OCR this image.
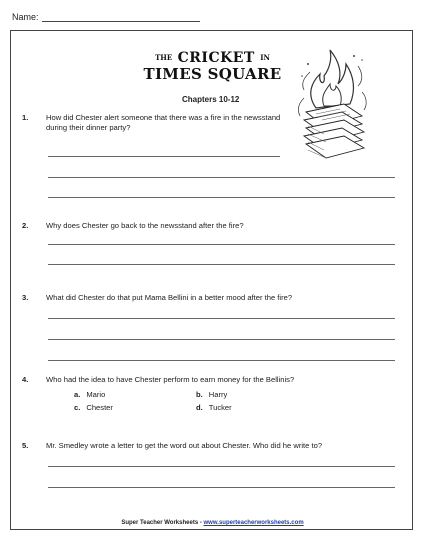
Name:
THE CRICKET IN
TIMES SQUARE
Chapters 10-12
1. How did Chester alert someone that there was a fire in the newsstand during their dinner party?
2. Why does Chester go back to the newsstand after the fire?
3. What did Chester do that put Mama Bellini in a better mood after the fire?
4. Who had the idea to have Chester perform to earn money for the Bellinis?
a. Mario	b. Harry
c. Chester	d. Tucker
5. Mr. Smedley wrote a letter to get the word out about Chester. Who did he write to?
Super Teacher Worksheets - www.superteacherworksheets.com
